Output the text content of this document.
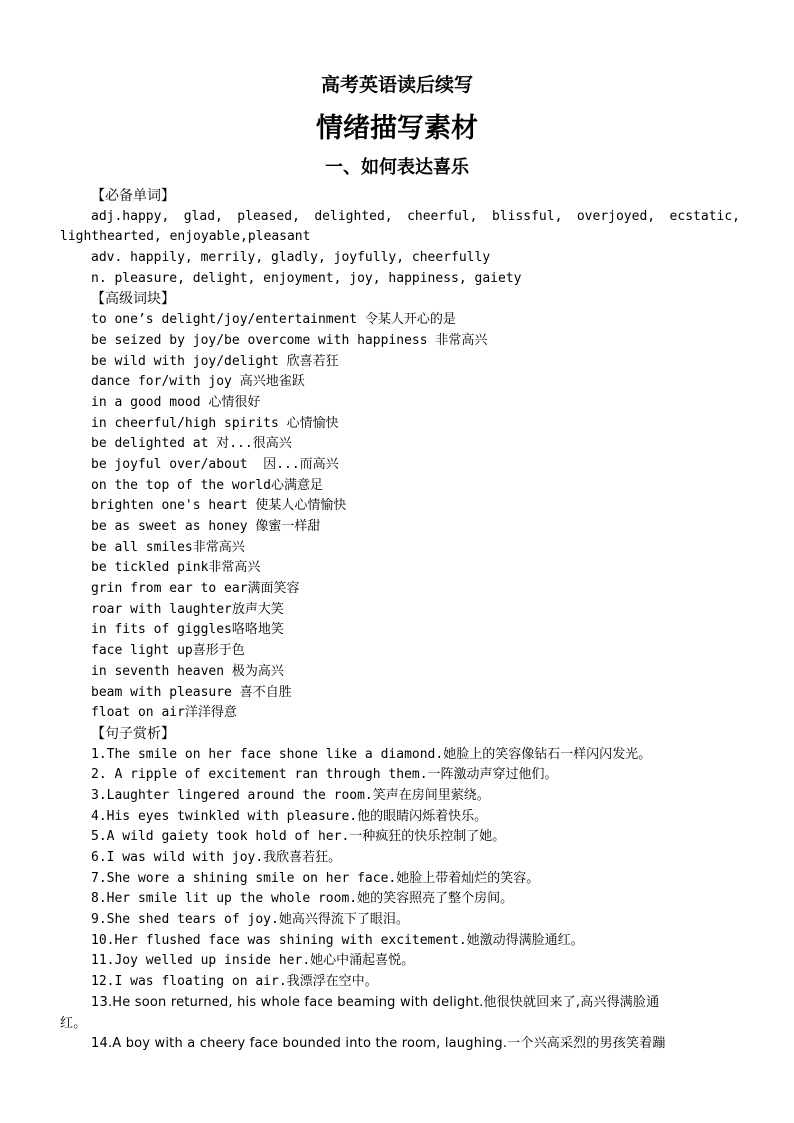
高考英语读后续写
情绪描写素材
一、如何表达喜乐
【必备单词】
adj.happy, glad, pleased, delighted, cheerful, blissful, overjoyed, ecstatic,
lighthearted, enjoyable,pleasant
adv. happily, merrily, gladly, joyfully, cheerfully
n. pleasure, delight, enjoyment, joy, happiness, gaiety
【高级词块】
to one’s delight/joy/entertainment 令某人开心的是
be seized by joy/be overcome with happiness 非常高兴
be wild with joy/delight 欣喜若狂
dance for/with joy 高兴地雀跃
in a good mood 心情很好
in cheerful/high spirits 心情愉快
be delighted at 对...很高兴
be joyful over/about  因...而高兴
on the top of the world心满意足
brighten one's heart 使某人心情愉快
be as sweet as honey 像蜜一样甜
be all smiles非常高兴
be tickled pink非常高兴
grin from ear to ear满面笑容
roar with laughter放声大笑
in fits of giggles咯咯地笑
face light up喜形于色
in seventh heaven 极为高兴
beam with pleasure 喜不自胜
float on air洋洋得意
【句子赏析】
1.The smile on her face shone like a diamond.她脸上的笑容像钻石一样闪闪发光。
2. A ripple of excitement ran through them.一阵激动声穿过他们。
3.Laughter lingered around the room.笑声在房间里萦绕。
4.His eyes twinkled with pleasure.他的眼睛闪烁着快乐。
5.A wild gaiety took hold of her.一种疯狂的快乐控制了她。
6.I was wild with joy.我欣喜若狂。
7.She wore a shining smile on her face.她脸上带着灿烂的笑容。
8.Her smile lit up the whole room.她的笑容照亮了整个房间。
9.She shed tears of joy.她高兴得流下了眼泪。
10.Her flushed face was shining with excitement.她激动得满脸通红。
11.Joy welled up inside her.她心中涌起喜悦。
12.I was floating on air.我漂浮在空中。
13.He soon returned, his whole face beaming with delight.他很快就回来了,高兴得满脸通
红。
14.A boy with a cheery face bounded into the room, laughing.一个兴高采烈的男孩笑着蹦
